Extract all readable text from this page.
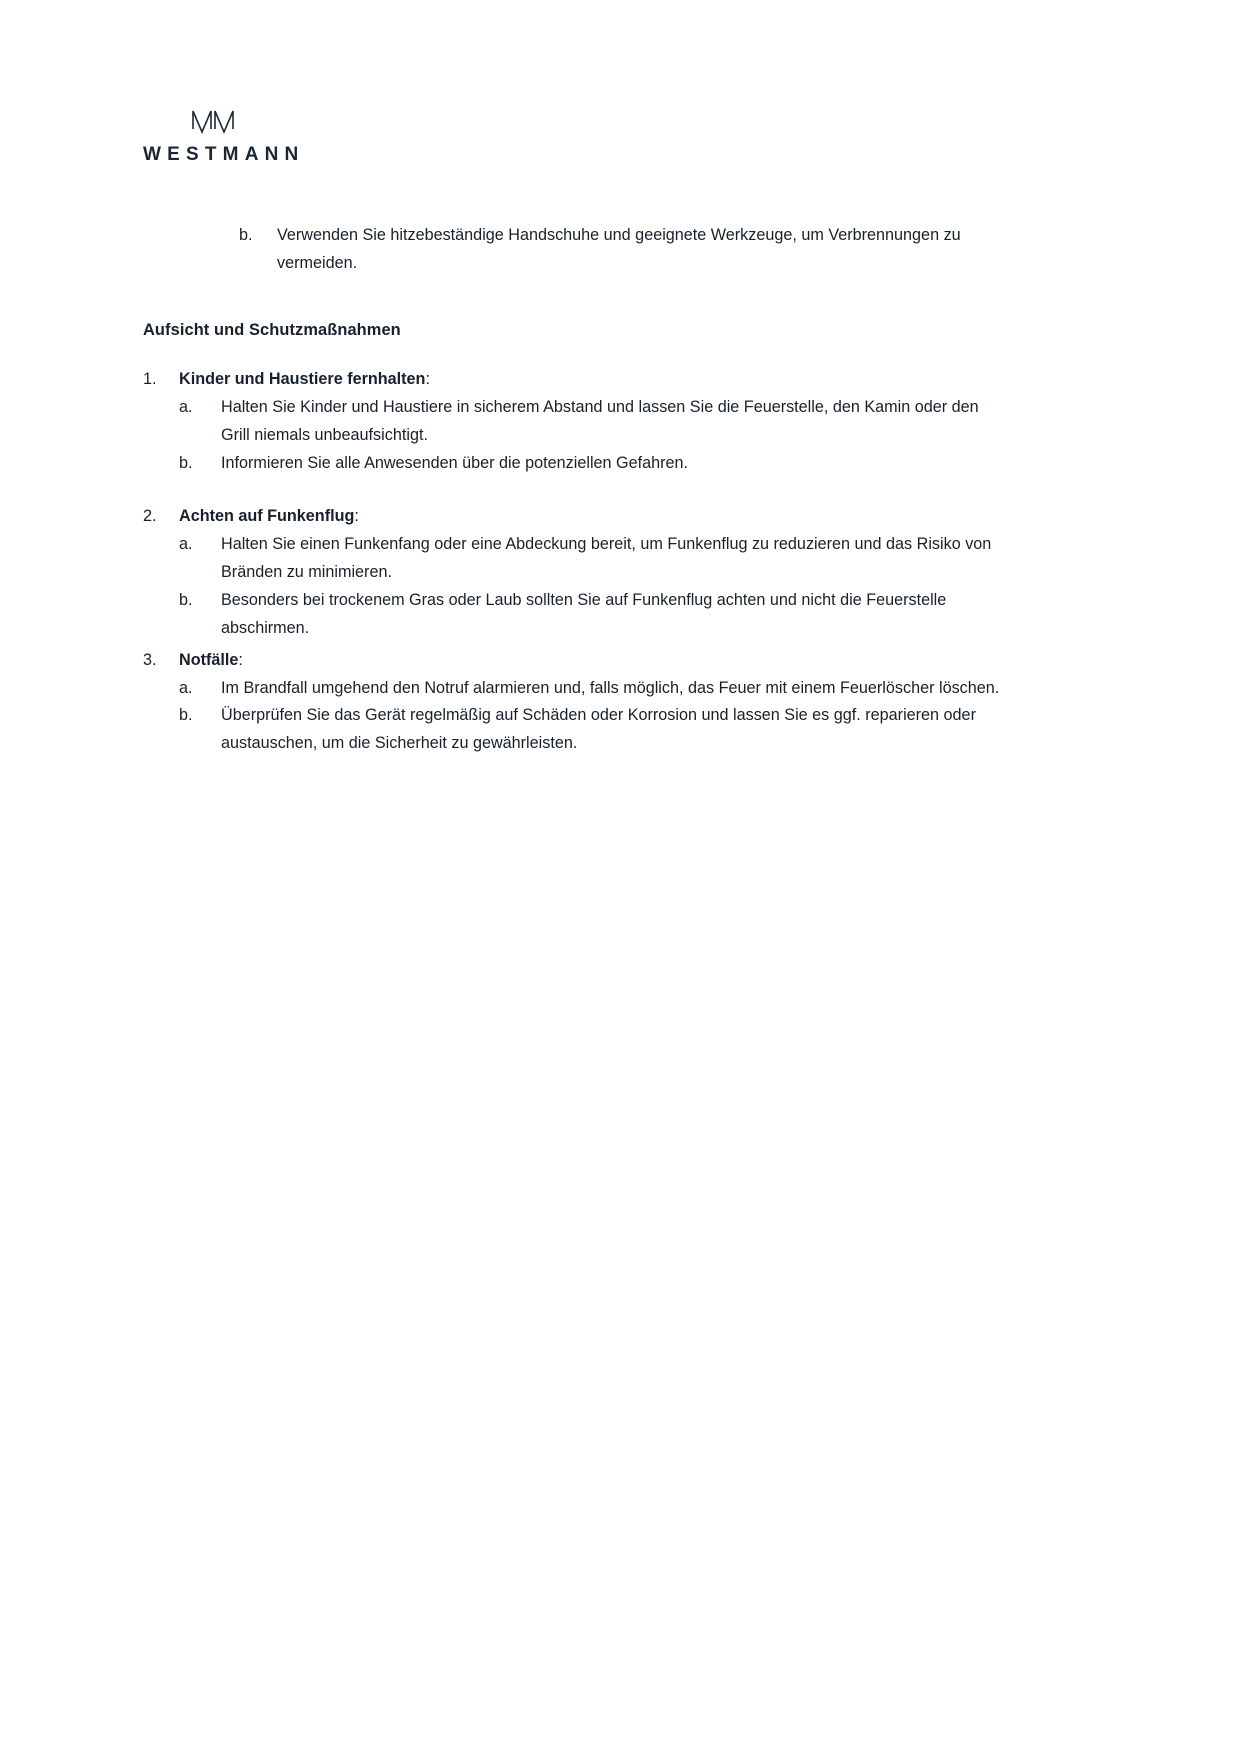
WESTMANN
b.	Verwenden Sie hitzebeständige Handschuhe und geeignete Werkzeuge, um Verbrennungen zu vermeiden.
Aufsicht und Schutzmaßnahmen
1.	Kinder und Haustiere fernhalten:
a.	Halten Sie Kinder und Haustiere in sicherem Abstand und lassen Sie die Feuerstelle, den Kamin oder den Grill niemals unbeaufsichtigt.
b.	Informieren Sie alle Anwesenden über die potenziellen Gefahren.
2.	Achten auf Funkenflug:
a.	Halten Sie einen Funkenfang oder eine Abdeckung bereit, um Funkenflug zu reduzieren und das Risiko von Bränden zu minimieren.
b.	Besonders bei trockenem Gras oder Laub sollten Sie auf Funkenflug achten und nicht die Feuerstelle abschirmen.
3.	Notfälle:
a.	Im Brandfall umgehend den Notruf alarmieren und, falls möglich, das Feuer mit einem Feuerlöscher löschen.
b.	Überprüfen Sie das Gerät regelmäßig auf Schäden oder Korrosion und lassen Sie es ggf. reparieren oder austauschen, um die Sicherheit zu gewährleisten.
